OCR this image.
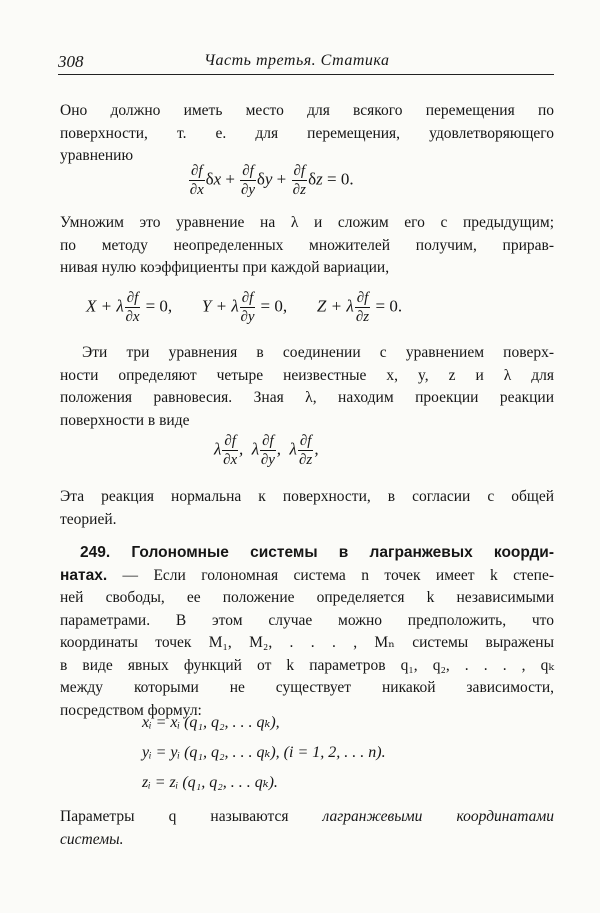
308	Часть третья. Статика
Оно должно иметь место для всякого перемещения по
поверхности, т. е. для перемещения, удовлетворяющего
уравнению
$\frac{\partial f}{\partial x}$ $\delta x + \frac{\partial f}{\partial y}$ $\delta y + \frac{\partial f}{\partial z}$ δz = 0.
Умножим это уравнение на λ и сложим его с предыдущим;
по методу неопределенных множителей получим, прирав-
нивая нулю коэффициенты при каждой вариации,
X + λ $\frac{\partial f}{\partial x} = 0$, Y + λ $\frac{\partial f}{\partial y} = 0$, Z + λ $\frac{\partial f}{\partial z} = 0$.
Эти три уравнения в соединении с уравнением поверх-
ности определяют четыре неизвестные x, y, z и λ для
положения равновесия. Зная λ, находим проекции реакции
поверхности в виде
λ $\frac{\partial f}{\partial x}$ ,  λ $\frac{\partial f}{\partial y}$ ,  λ $\frac{\partial f}{\partial z}$ ,
Эта реакция нормальна к поверхности, в согласии с общей
теорией.
249. Голономные системы в лагранжевых коорди-
натах. — Если голономная система n точек имеет k степе-
ней свободы, ее положение определяется k независимыми
параметрами. В этом случае можно предположить, что
координаты точек M₁, M₂, . . . , Mₙ системы выражены
в виде явных функций от k параметров q₁, q₂, . . . , qₖ
между которыми не существует никакой зависимости,
посредством формул:
xᵢ = xᵢ (q₁, q₂, . . . qₖ),
yᵢ = yᵢ (q₁, q₂, . . . qₖ), (i = 1, 2, . . . n).
zᵢ = zᵢ (q₁, q₂, . . . qₖ).
Параметры q называются лагранжевыми координатами
системы.
